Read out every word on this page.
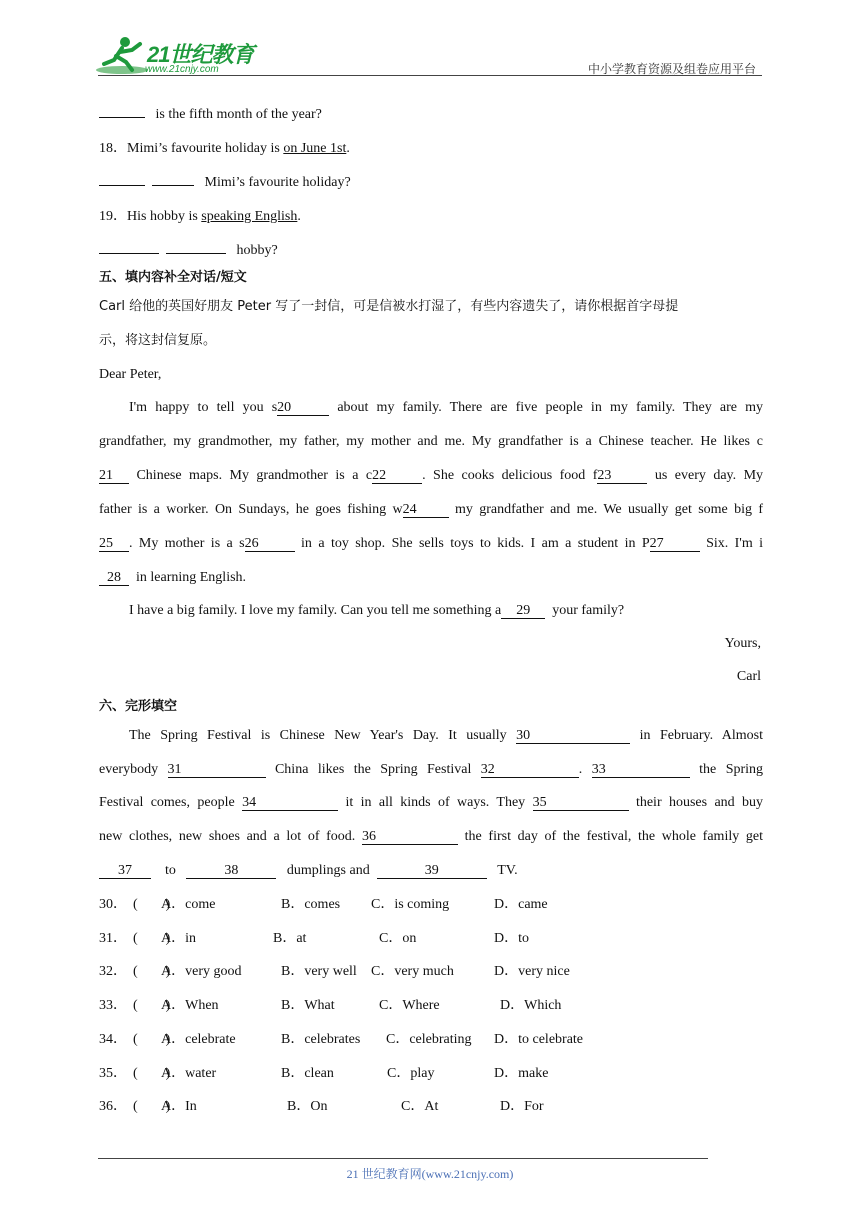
21世纪教育
www.21cnjy.com	中小学教育资源及组卷应用平台
is the fifth month of the year?
18．Mimi’s favourite holiday is on June 1st.
Mimi’s favourite holiday?
19．His hobby is speaking English.
hobby?
五、填内容补全对话/短文
Carl 给他的英国好朋友 Peter 写了一封信，可是信被水打湿了，有些内容遗失了，请你根据首字母提
示，将这封信复原。
Dear Peter,
I'm happy to tell you s20	about my family. There are five people in my family. They are my
grandfather, my grandmother, my father, my mother and me. My grandfather is a Chinese teacher. He likes c
21 Chinese maps. My grandmother is a c22	. She cooks delicious food f23	us every day. My
father is a worker. On Sundays, he goes fishing w24	my grandfather and me. We usually get some big f
25 . My mother is a s26	in a toy shop. She sells toys to kids. I am a student in P27	Six. I'm i
28 in learning English.
I have a big family. I love my family. Can you tell me something a 29 your family?
Yours,
Carl
六、完形填空
The Spring Festival is Chinese New Year's Day. It usually 30	in February. Almost
everybody 31	China likes the Spring Festival 32	. 33	the Spring
Festival comes, people 34	it in all kinds of ways. They 35	their houses and buy
new clothes, new shoes and a lot of food. 36	the first day of the festival, the whole family get
37 to	38	dumplings and	39	TV.
30． (　　)
A．come	B．comes C．is coming	D．came
31． (　　)
A．in	B．at	C．on	D．to
32． (　　)
A．very good	B．very well C．very much	D．very nice
33． (　　)
A．When	B．What	C．Where	D．Which
34． (　　)
A．celebrate	B．celebrates C．celebrating D．to celebrate
35． (　　)
A．water	B．clean	C．play	D．make
36． (　　)
A．In	B．On	C．At	D．For
21 世纪教育网(www.21cnjy.com)
